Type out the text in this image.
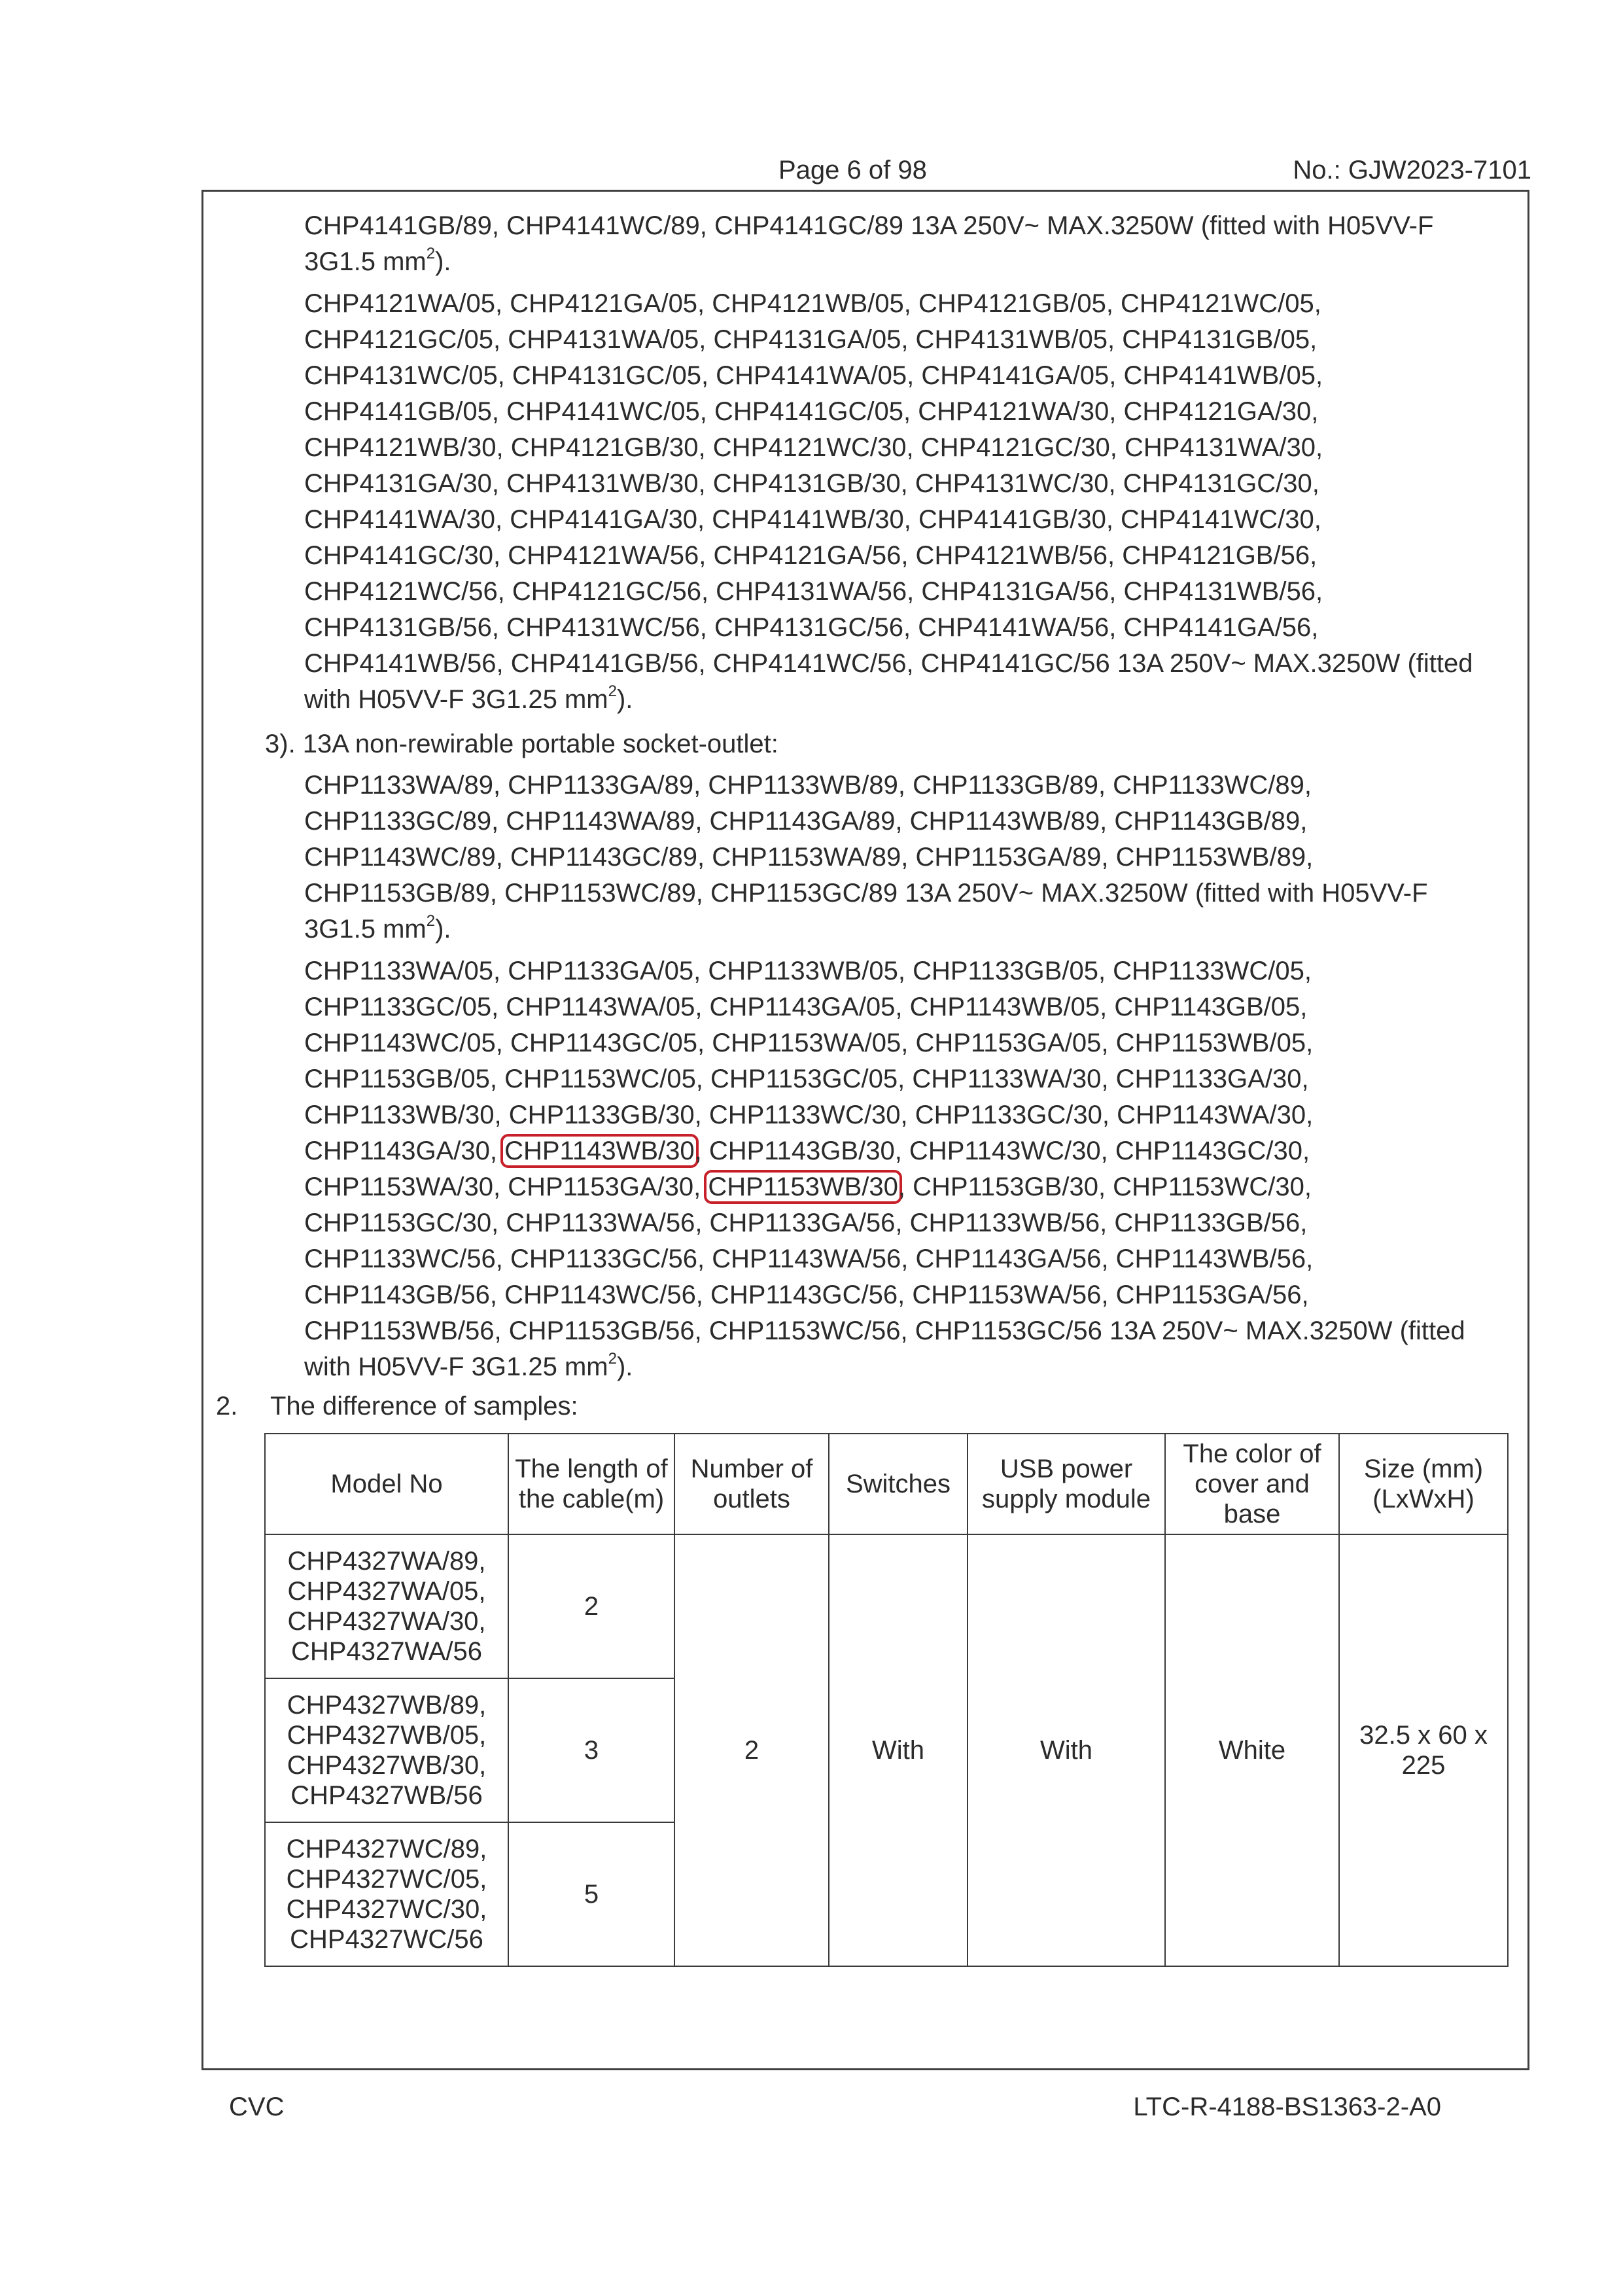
Page 6 of 98	No.: GJW2023-7101

CHP4141GB/89, CHP4141WC/89, CHP4141GC/89 13A 250V~ MAX.3250W (fitted with H05VV-F
3G1.5 $mm^2$).

CHP4121WA/05, CHP4121GA/05, CHP4121WB/05, CHP4121GB/05, CHP4121WC/05,
CHP4121GC/05, CHP4131WA/05, CHP4131GA/05, CHP4131WB/05, CHP4131GB/05,
CHP4131WC/05, CHP4131GC/05, CHP4141WA/05, CHP4141GA/05, CHP4141WB/05,
CHP4141GB/05, CHP4141WC/05, CHP4141GC/05, CHP4121WA/30, CHP4121GA/30,
CHP4121WB/30, CHP4121GB/30, CHP4121WC/30, CHP4121GC/30, CHP4131WA/30,
CHP4131GA/30, CHP4131WB/30, CHP4131GB/30, CHP4131WC/30, CHP4131GC/30,
CHP4141WA/30, CHP4141GA/30, CHP4141WB/30, CHP4141GB/30, CHP4141WC/30,
CHP4141GC/30, CHP4121WA/56, CHP4121GA/56, CHP4121WB/56, CHP4121GB/56,
CHP4121WC/56, CHP4121GC/56, CHP4131WA/56, CHP4131GA/56, CHP4131WB/56,
CHP4131GB/56, CHP4131WC/56, CHP4131GC/56, CHP4141WA/56, CHP4141GA/56,
CHP4141WB/56, CHP4141GB/56, CHP4141WC/56, CHP4141GC/56 13A 250V~ MAX.3250W (fitted
with H05VV-F 3G1.25 $mm^2$).

3). 13A non-rewirable portable socket-outlet:

CHP1133WA/89, CHP1133GA/89, CHP1133WB/89, CHP1133GB/89, CHP1133WC/89,
CHP1133GC/89, CHP1143WA/89, CHP1143GA/89, CHP1143WB/89, CHP1143GB/89,
CHP1143WC/89, CHP1143GC/89, CHP1153WA/89, CHP1153GA/89, CHP1153WB/89,
CHP1153GB/89, CHP1153WC/89, CHP1153GC/89 13A 250V~ MAX.3250W (fitted with H05VV-F
3G1.5 $mm^2$).

CHP1133WA/05, CHP1133GA/05, CHP1133WB/05, CHP1133GB/05, CHP1133WC/05,
CHP1133GC/05, CHP1143WA/05, CHP1143GA/05, CHP1143WB/05, CHP1143GB/05,
CHP1143WC/05, CHP1143GC/05, CHP1153WA/05, CHP1153GA/05, CHP1153WB/05,
CHP1153GB/05, CHP1153WC/05, CHP1153GC/05, CHP1133WA/30, CHP1133GA/30,
CHP1133WB/30, CHP1133GB/30, CHP1133WC/30, CHP1133GC/30, CHP1143WA/30,
CHP1143GA/30, CHP1143WB/30, CHP1143GB/30, CHP1143WC/30, CHP1143GC/30,
CHP1153WA/30, CHP1153GA/30, CHP1153WB/30, CHP1153GB/30, CHP1153WC/30,
CHP1153GC/30, CHP1133WA/56, CHP1133GA/56, CHP1133WB/56, CHP1133GB/56,
CHP1133WC/56, CHP1133GC/56, CHP1143WA/56, CHP1143GA/56, CHP1143WB/56,
CHP1143GB/56, CHP1143WC/56, CHP1143GC/56, CHP1153WA/56, CHP1153GA/56,
CHP1153WB/56, CHP1153GB/56, CHP1153WC/56, CHP1153GC/56 13A 250V~ MAX.3250W (fitted
with H05VV-F 3G1.25 $mm^2$).

2. The difference of samples:

Model No	The length of the cable(m)	Number of outlets	Switches	USB power supply module	The color of cover and base	Size (mm) (LxWxH)

CHP4327WA/89,
CHP4327WA/05,
CHP4327WA/30,
CHP4327WA/56	2	2	With	With	White	32.5 x 60 x 225

CHP4327WB/89,
CHP4327WB/05,
CHP4327WB/30,
CHP4327WB/56	3					

CHP4327WC/89,
CHP4327WC/05,
CHP4327WC/30,
CHP4327WC/56	5					
CVC	LTC-R-4188-BS1363-2-A0
